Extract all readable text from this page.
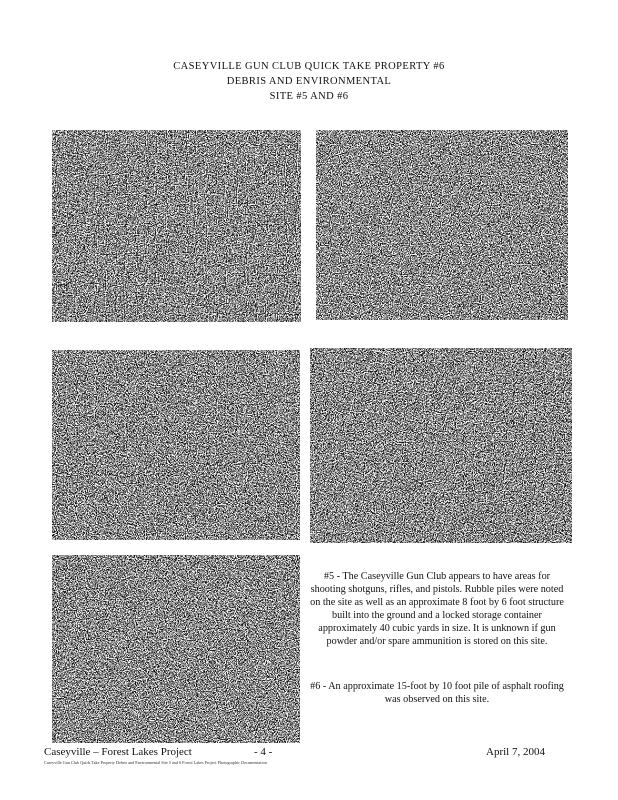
CASEYVILLE GUN CLUB QUICK TAKE PROPERTY #6
DEBRIS AND ENVIRONMENTAL
SITE #5 AND #6
#5 - The Caseyville Gun Club appears to have areas for shooting shotguns, rifles, and pistols. Rubble piles were noted on the site as well as an approximate 8 foot by 6 foot structure built into the ground and a locked storage container approximately 40 cubic yards in size. It is unknown if gun powder and/or spare ammunition is stored on this site.
#6 - An approximate 15-foot by 10 foot pile of asphalt roofing was observed on this site.
Caseyville – Forest Lakes Project	- 4 -	April 7, 2004
Caseyville Gun Club Quick Take Property Debris and Environmental Site 5 and 6 Forest Lakes Project Photographic Documentation
